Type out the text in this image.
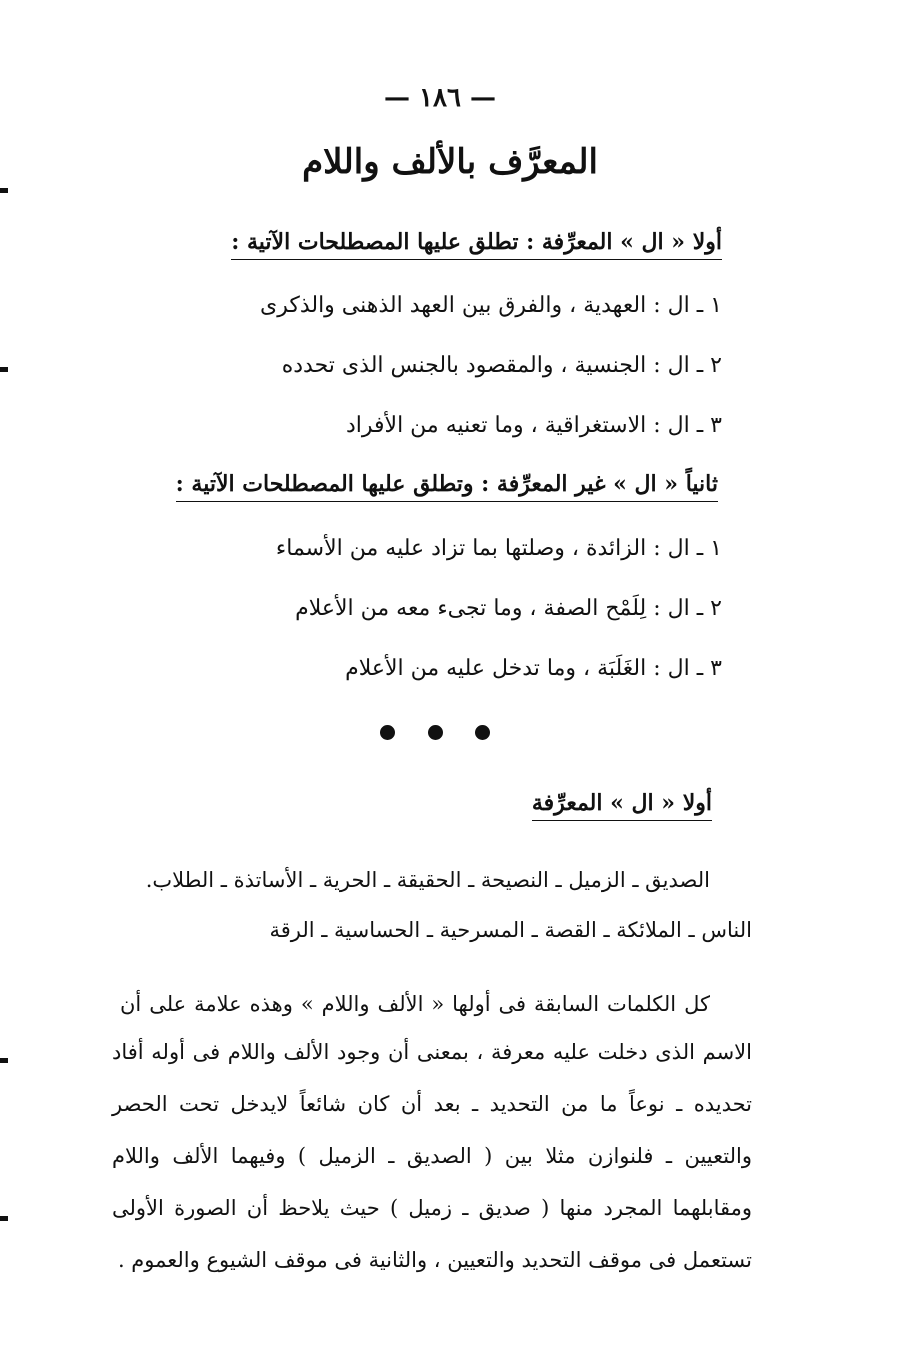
— ١٨٦ —
المعرَّف بالألف واللام
أولا « ال » المعرِّفة : تطلق عليها المصطلحات الآتية :
١ ـ ال : العهدية ، والفرق بين العهد الذهنى والذكرى
٢ ـ ال : الجنسية ، والمقصود بالجنس الذى تحدده
٣ ـ ال : الاستغراقية ، وما تعنيه من الأفراد
ثانياً « ال » غير المعرِّفة : وتطلق عليها المصطلحات الآتية :
١ ـ ال : الزائدة ، وصلتها بما تزاد عليه من الأسماء
٢ ـ ال : لِلَمْح الصفة ، وما تجىء معه من الأعلام
٣ ـ ال : الغَلَبَة ، وما تدخل عليه من الأعلام
أولا « ال » المعرِّفة
الصديق ـ الزميل ـ النصيحة ـ الحقيقة ـ الحرية ـ الأساتذة ـ الطلاب.
الناس ـ الملائكة ـ القصة ـ المسرحية ـ الحساسية ـ الرقة
كل الكلمات السابقة فى أولها « الألف واللام » وهذه علامة على أن
الاسم الذى دخلت عليه معرفة ، بمعنى أن وجود الألف واللام فى أوله أفاد
تحديده ـ نوعاً ما من التحديد ـ بعد أن كان شائعاً لايدخل تحت الحصر
والتعيين ـ فلنوازن مثلا بين ( الصديق ـ الزميل ) وفيهما الألف واللام
ومقابلهما المجرد منها ( صديق ـ زميل ) حيث يلاحظ أن الصورة الأولى
تستعمل فى موقف التحديد والتعيين ، والثانية فى موقف الشيوع والعموم .
